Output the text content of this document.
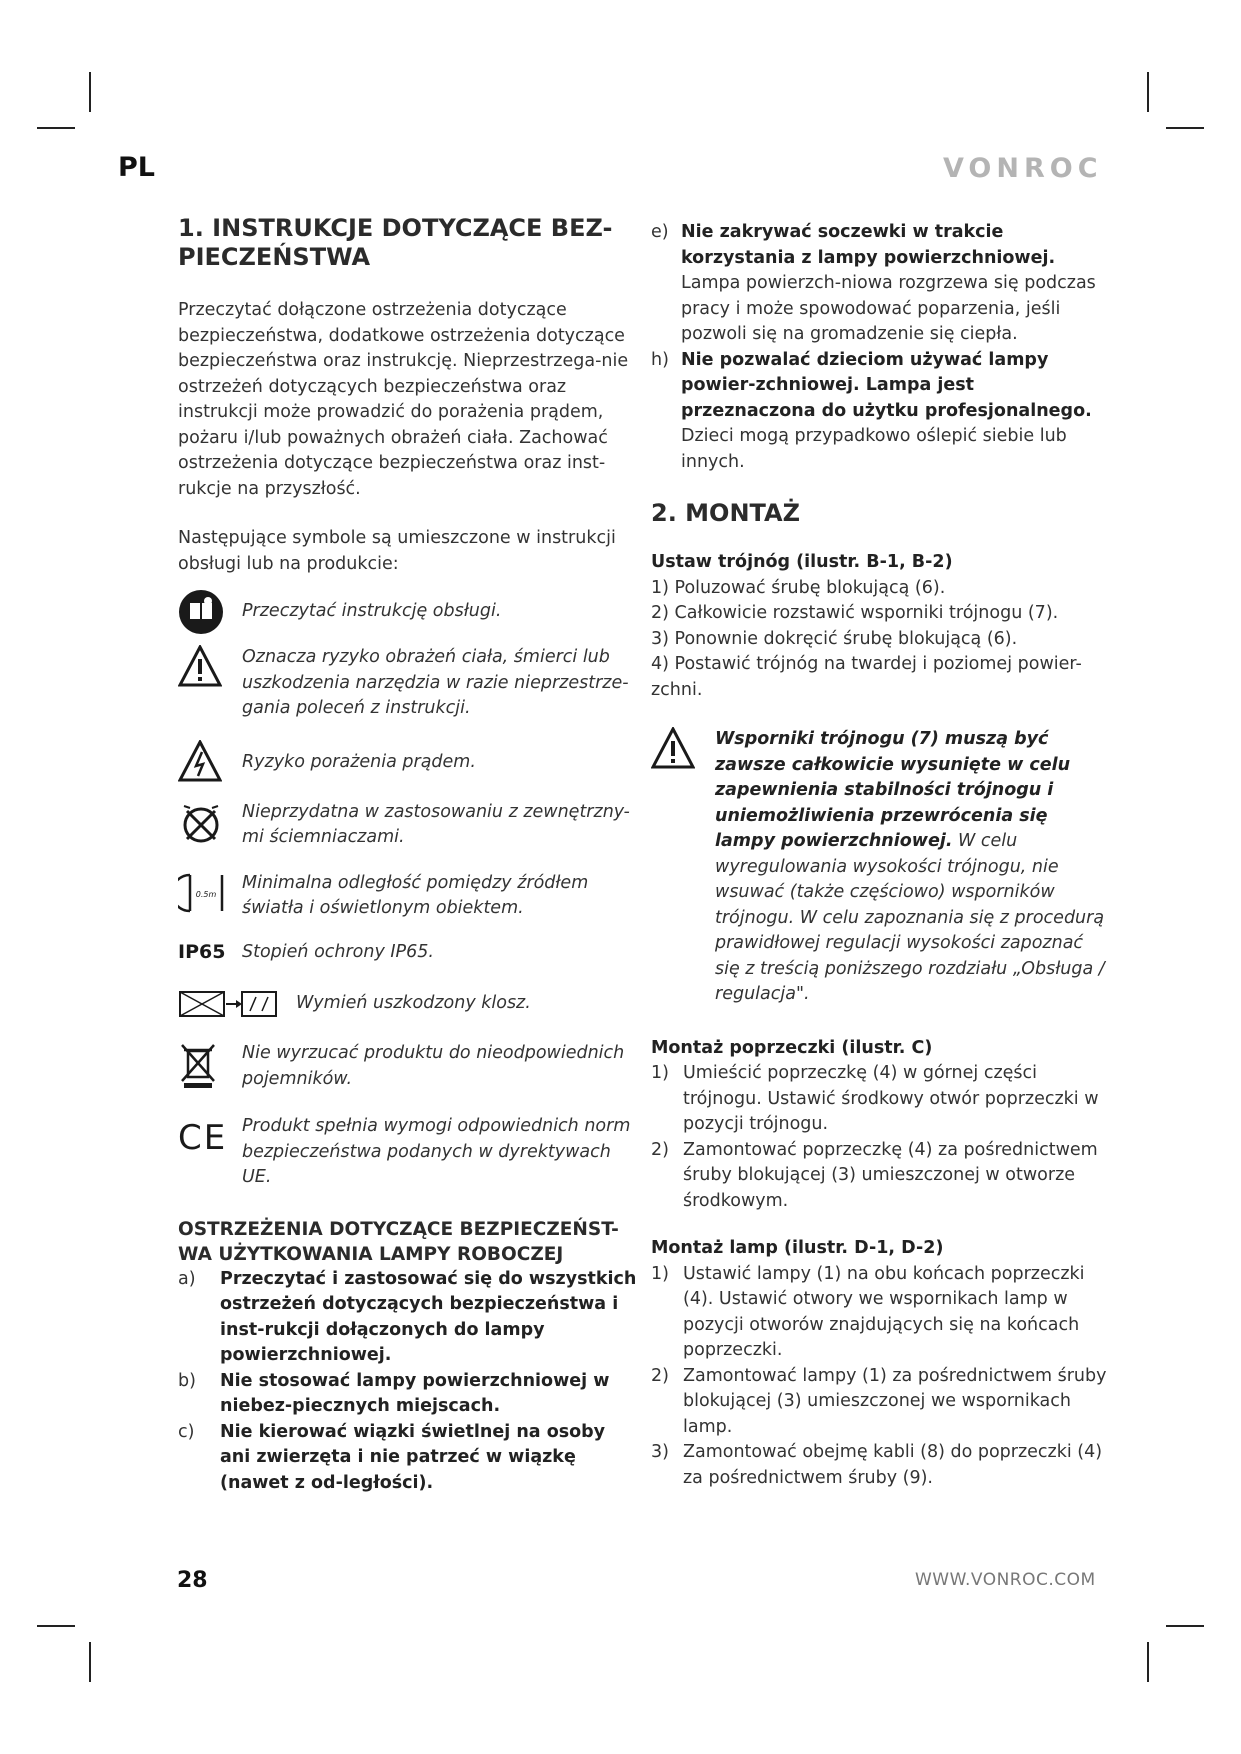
PL	VONROC
1. INSTRUKCJE DOTYCZĄCE BEZ-PIECZEŃSTWA

Przeczytać dołączone ostrzeżenia dotyczące bezpieczeństwa, dodatkowe ostrzeżenia dotyczące bezpieczeństwa oraz instrukcję. Nieprzestrzega-nie ostrzeżeń dotyczących bezpieczeństwa oraz instrukcji może prowadzić do porażenia prądem, pożaru i/lub poważnych obrażeń ciała. Zachować ostrzeżenia dotyczące bezpieczeństwa oraz inst-rukcje na przyszłość.

Następujące symbole są umieszczone w instrukcji obsługi lub na produkcie:

Przeczytać instrukcję obsługi.
Oznacza ryzyko obrażeń ciała, śmierci lub uszkodzenia narzędzia w razie nieprzestrze-gania poleceń z instrukcji.
Ryzyko porażenia prądem.
Nieprzydatna w zastosowaniu z zewnętrzny-mi ściemniaczami.
0.5m
Minimalna odległość pomiędzy źródłem światła i oświetlonym obiektem.
IP65 Stopień ochrony IP65.
Wymień uszkodzony klosz.
Nie wyrzucać produktu do nieodpowiednich pojemników.
CE Produkt spełnia wymogi odpowiednich norm bezpieczeństwa podanych w dyrektywach UE.
OSTRZEŻENIA DOTYCZĄCE BEZPIECZEŃST-WA UŻYTKOWANIA LAMPY ROBOCZEJ
a)	Przeczytać i zastosować się do wszystkich ostrzeżeń dotyczących bezpieczeństwa i inst-rukcji dołączonych do lampy powierzchniowej.
b)	Nie stosować lampy powierzchniowej w niebez-piecznych miejscach.
c)	Nie kierować wiązki świetlnej na osoby ani zwierzęta i nie patrzeć w wiązkę (nawet z od-ległości).
e) Nie zakrywać soczewki w trakcie korzystania z lampy powierzchniowej. Lampa powierzch-niowa rozgrzewa się podczas pracy i może spowodować poparzenia, jeśli pozwoli się na gromadzenie się ciepła.
h) Nie pozwalać dzieciom używać lampy powier-zchniowej. Lampa jest przeznaczona do użytku profesjonalnego. Dzieci mogą przypadkowo oślepić siebie lub innych.
2. MONTAŻ

Ustaw trójnóg (ilustr. B-1, B-2)

1) Poluzować śrubę blokującą (6).

2) Całkowicie rozstawić wsporniki trójnogu (7).

3) Ponownie dokręcić śrubę blokującą (6).

4) Postawić trójnóg na twardej i poziomej powier-zchni.

Wsporniki trójnogu (7) muszą być zawsze całkowicie wysunięte w celu zapewnienia stabilności trójnogu i uniemożliwienia przewrócenia się lampy powierzchniowej. W celu wyregulowania wysokości trójnogu, nie wsuwać (także częściowo) wsporników trójnogu. W celu zapoznania się z procedurą prawidłowej regulacji wysokości zapoznać się z treścią poniższego rozdziału „Obsługa / regulacja".

Montaż poprzeczki (ilustr. C)

1) Umieścić poprzeczkę (4) w górnej części trójnogu. Ustawić środkowy otwór poprzeczki w pozycji trójnogu.
2) Zamontować poprzeczkę (4) za pośrednictwem śruby blokującej (3) umieszczonej w otworze środkowym.

Montaż lamp (ilustr. D-1, D-2)

1) Ustawić lampy (1) na obu końcach poprzeczki (4). Ustawić otwory we wspornikach lamp w pozycji otworów znajdujących się na końcach poprzeczki.
2) Zamontować lampy (1) za pośrednictwem śruby blokującej (3) umieszczonej we wspornikach lamp.
3) Zamontować obejmę kabli (8) do poprzeczki (4) za pośrednictwem śruby (9).
28	WWW.VONROC.COM
